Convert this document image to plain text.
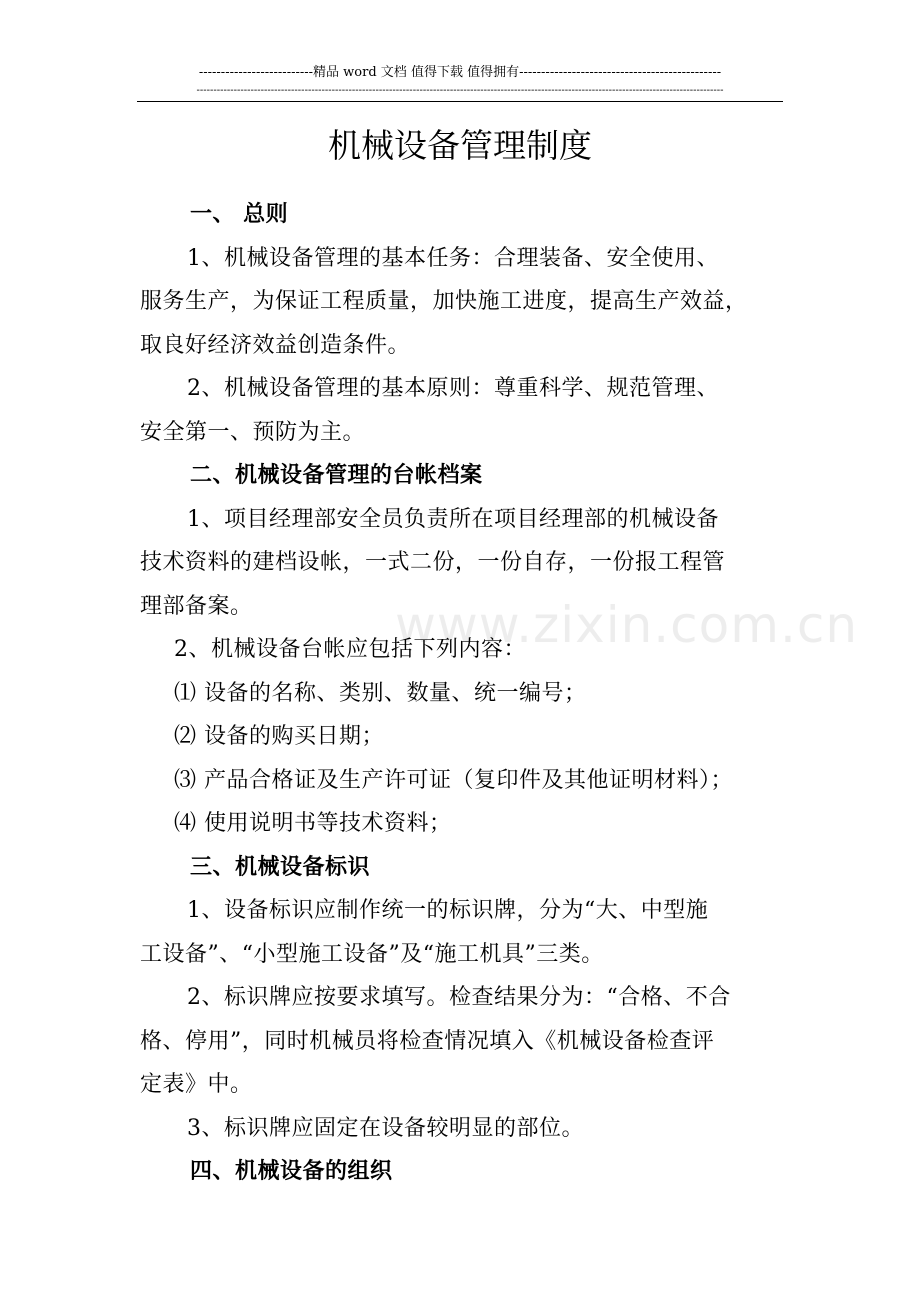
--------------------------精品 word 文档 值得下载 值得拥有----------------------------------------------
------------------------------------------------------------------------------------------------------------------------------------------------------------
www.zixin.com.cn
机械设备管理制度
一、 总则
1、机械设备管理的基本任务：合理装备、安全使用、
服务生产，为保证工程质量，加快施工进度，提高生产效益，
取良好经济效益创造条件。
2、机械设备管理的基本原则：尊重科学、规范管理、
安全第一、预防为主。
二、机械设备管理的台帐档案
1、项目经理部安全员负责所在项目经理部的机械设备
技术资料的建档设帐，一式二份，一份自存，一份报工程管
理部备案。
2、机械设备台帐应包括下列内容：
⑴ 设备的名称、类别、数量、统一编号；
⑵ 设备的购买日期；
⑶ 产品合格证及生产许可证（复印件及其他证明材料）；
⑷ 使用说明书等技术资料；
三、机械设备标识
1、设备标识应制作统一的标识牌，分为“大、中型施
工设备”、“小型施工设备”及“施工机具”三类。
2、标识牌应按要求填写。检查结果分为：“合格、不合
格、停用”，同时机械员将检查情况填入《机械设备检查评
定表》中。
3、标识牌应固定在设备较明显的部位。
四、机械设备的组织
